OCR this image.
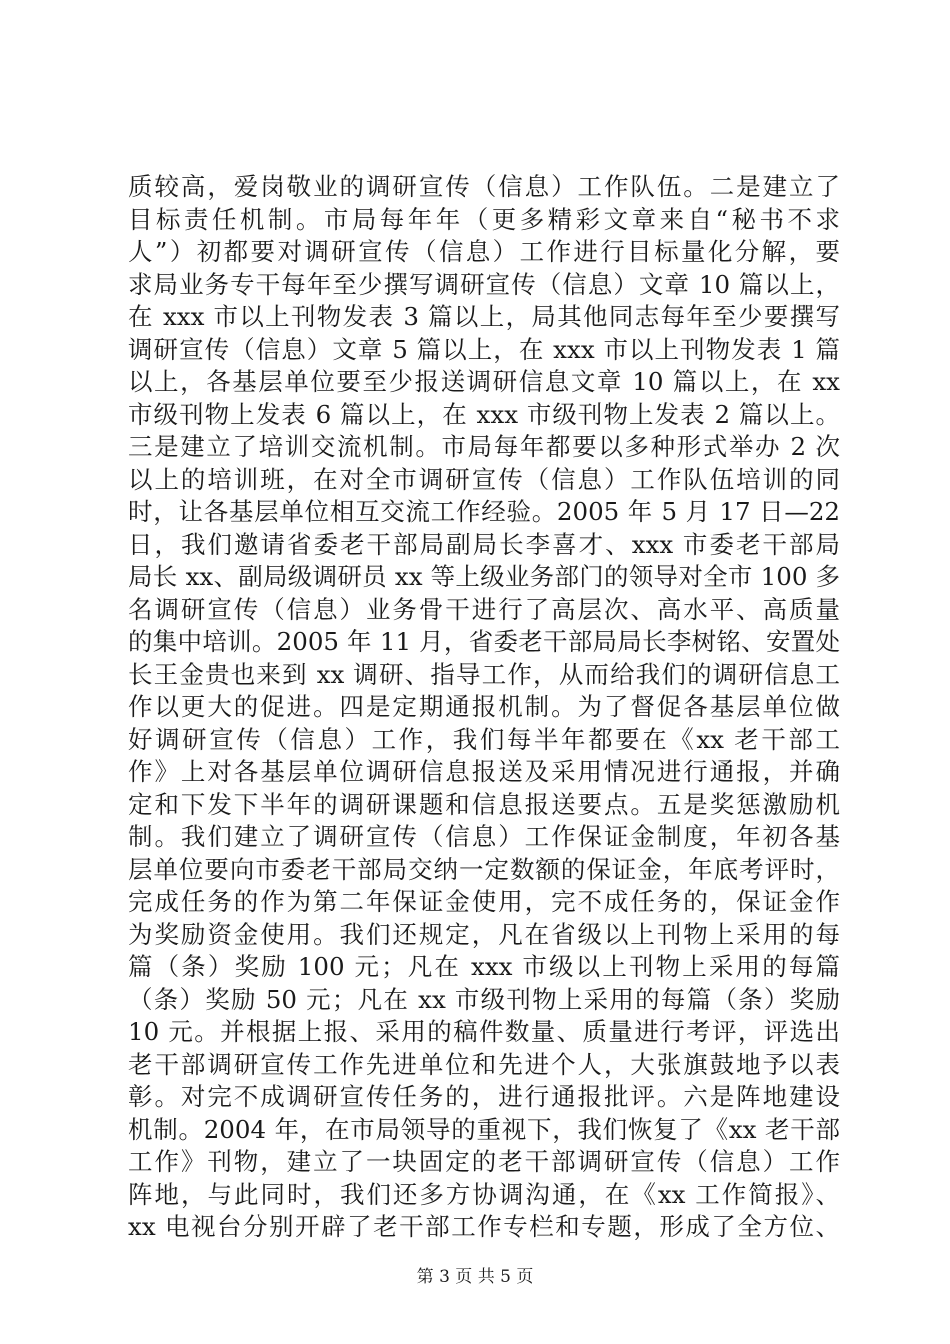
质较高，爱岗敬业的调研宣传（信息）工作队伍。二是建立了
目标责任机制。市局每年年（更多精彩文章来自“秘书不求
人”）初都要对调研宣传（信息）工作进行目标量化分解，要
求局业务专干每年至少撰写调研宣传（信息）文章 10 篇以上，
在 xxx 市以上刊物发表 3 篇以上，局其他同志每年至少要撰写
调研宣传（信息）文章 5 篇以上，在 xxx 市以上刊物发表 1 篇
以上，各基层单位要至少报送调研信息文章 10 篇以上，在 xx
市级刊物上发表 6 篇以上，在 xxx 市级刊物上发表 2 篇以上。
三是建立了培训交流机制。市局每年都要以多种形式举办 2 次
以上的培训班，在对全市调研宣传（信息）工作队伍培训的同
时，让各基层单位相互交流工作经验。2005 年 5 月 17 日—22
日，我们邀请省委老干部局副局长李喜才、xxx 市委老干部局
局长 xx、副局级调研员 xx 等上级业务部门的领导对全市 100 多
名调研宣传（信息）业务骨干进行了高层次、高水平、高质量
的集中培训。2005 年 11 月，省委老干部局局长李树铭、安置处
长王金贵也来到 xx 调研、指导工作，从而给我们的调研信息工
作以更大的促进。四是定期通报机制。为了督促各基层单位做
好调研宣传（信息）工作，我们每半年都要在《xx 老干部工
作》上对各基层单位调研信息报送及采用情况进行通报，并确
定和下发下半年的调研课题和信息报送要点。五是奖惩激励机
制。我们建立了调研宣传（信息）工作保证金制度，年初各基
层单位要向市委老干部局交纳一定数额的保证金，年底考评时，
完成任务的作为第二年保证金使用，完不成任务的，保证金作
为奖励资金使用。我们还规定，凡在省级以上刊物上采用的每
篇（条）奖励 100 元；凡在 xxx 市级以上刊物上采用的每篇
（条）奖励 50 元；凡在 xx 市级刊物上采用的每篇（条）奖励
10 元。并根据上报、采用的稿件数量、质量进行考评，评选出
老干部调研宣传工作先进单位和先进个人，大张旗鼓地予以表
彰。对完不成调研宣传任务的，进行通报批评。六是阵地建设
机制。2004 年，在市局领导的重视下，我们恢复了《xx 老干部
工作》刊物，建立了一块固定的老干部调研宣传（信息）工作
阵地，与此同时，我们还多方协调沟通，在《xx 工作简报》、
xx 电视台分别开辟了老干部工作专栏和专题，形成了全方位、
第 3 页 共 5 页
